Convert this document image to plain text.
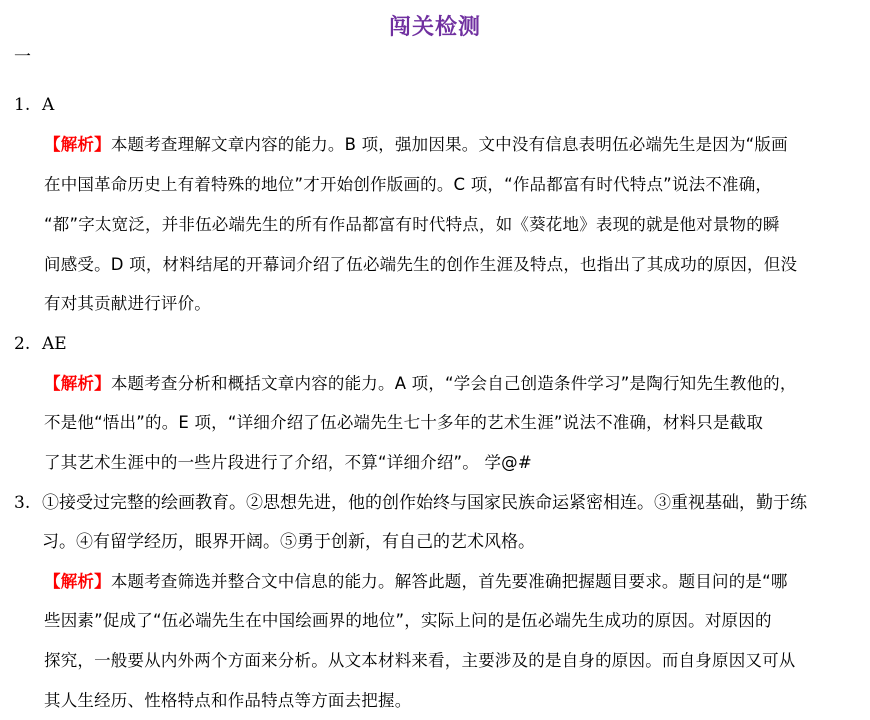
闯关检测
一
1. A
【解析】本题考查理解文章内容的能力。B 项，强加因果。文中没有信息表明伍必端先生是因为“版画
在中国革命历史上有着特殊的地位”才开始创作版画的。C 项，“作品都富有时代特点”说法不准确，
“都”字太宽泛，并非伍必端先生的所有作品都富有时代特点，如《葵花地》表现的就是他对景物的瞬
间感受。D 项，材料结尾的开幕词介绍了伍必端先生的创作生涯及特点，也指出了其成功的原因，但没
有对其贡献进行评价。
2. AE
【解析】本题考查分析和概括文章内容的能力。A 项，“学会自己创造条件学习”是陶行知先生教他的，
不是他“悟出”的。E 项，“详细介绍了伍必端先生七十多年的艺术生涯”说法不准确，材料只是截取
了其艺术生涯中的一些片段进行了介绍，不算“详细介绍”。 学@#
3. ①接受过完整的绘画教育。②思想先进，他的创作始终与国家民族命运紧密相连。③重视基础，勤于练
习。④有留学经历，眼界开阔。⑤勇于创新，有自己的艺术风格。
【解析】本题考查筛选并整合文中信息的能力。解答此题，首先要准确把握题目要求。题目问的是“哪
些因素”促成了“伍必端先生在中国绘画界的地位”，实际上问的是伍必端先生成功的原因。对原因的
探究，一般要从内外两个方面来分析。从文本材料来看，主要涉及的是自身的原因。而自身原因又可从
其人生经历、性格特点和作品特点等方面去把握。
